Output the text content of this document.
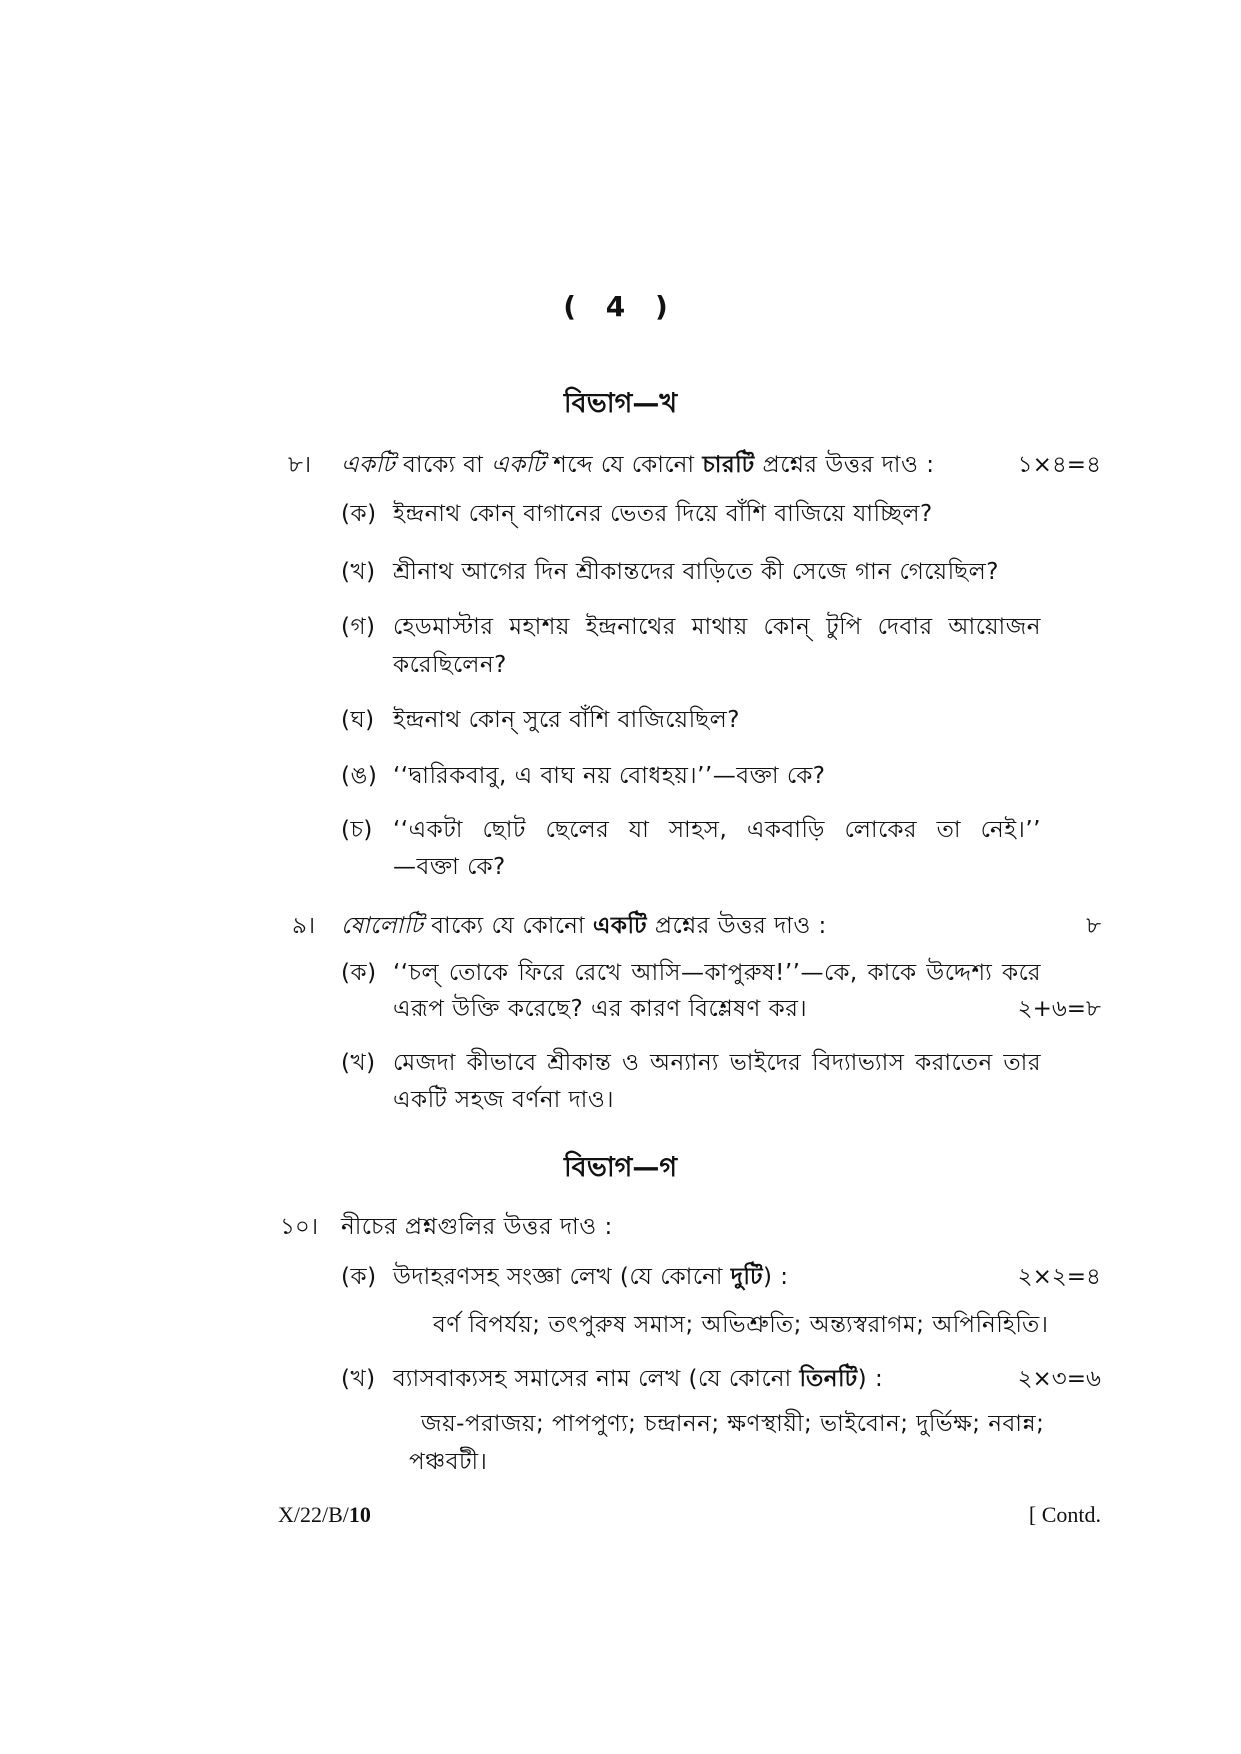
( 4 )
বিভাগ—খ
৮। একটি বাক্যে বা একটি শব্দে যে কোনো চারটি প্রশ্নের উত্তর দাও :	১×৪=৪
(ক) ইন্দ্রনাথ কোন্ বাগানের ভেতর দিয়ে বাঁশি বাজিয়ে যাচ্ছিল?
(খ) শ্রীনাথ আগের দিন শ্রীকান্তদের বাড়িতে কী সেজে গান গেয়েছিল?
(গ) হেডমাস্টার মহাশয় ইন্দ্রনাথের মাথায় কোন্ টুপি দেবার আয়োজন
করেছিলেন?
(ঘ) ইন্দ্রনাথ কোন্ সুরে বাঁশি বাজিয়েছিল?
(ঙ) ‘‘দ্বারিকবাবু, এ বাঘ নয় বোধহয়।’’—বক্তা কে?
(চ) ‘‘একটা ছোট ছেলের যা সাহস, একবাড়ি লোকের তা নেই।’’
—বক্তা কে?
৯। ষোলোটি বাক্যে যে কোনো একটি প্রশ্নের উত্তর দাও :	৮
(ক) ‘‘চল্ তোকে ফিরে রেখে আসি—কাপুরুষ!’’—কে, কাকে উদ্দেশ্য করে
এরূপ উক্তি করেছে? এর কারণ বিশ্লেষণ কর।	২+৬=৮
(খ) মেজদা কীভাবে শ্রীকান্ত ও অন্যান্য ভাইদের বিদ্যাভ্যাস করাতেন তার
একটি সহজ বর্ণনা দাও।
বিভাগ—গ
১০। নীচের প্রশ্নগুলির উত্তর দাও :
(ক) উদাহরণসহ সংজ্ঞা লেখ (যে কোনো দুটি) :	২×২=৪
বর্ণ বিপর্যয়; তৎপুরুষ সমাস; অভিশ্রুতি; অন্ত্যস্বরাগম; অপিনিহিতি।
(খ) ব্যাসবাক্যসহ সমাসের নাম লেখ (যে কোনো তিনটি) :	২×৩=৬
জয়-পরাজয়; পাপপুণ্য; চন্দ্রানন; ক্ষণস্থায়ী; ভাইবোন; দুর্ভিক্ষ; নবান্ন;
পঞ্চবটী।
X/22/B/10	[ Contd.
